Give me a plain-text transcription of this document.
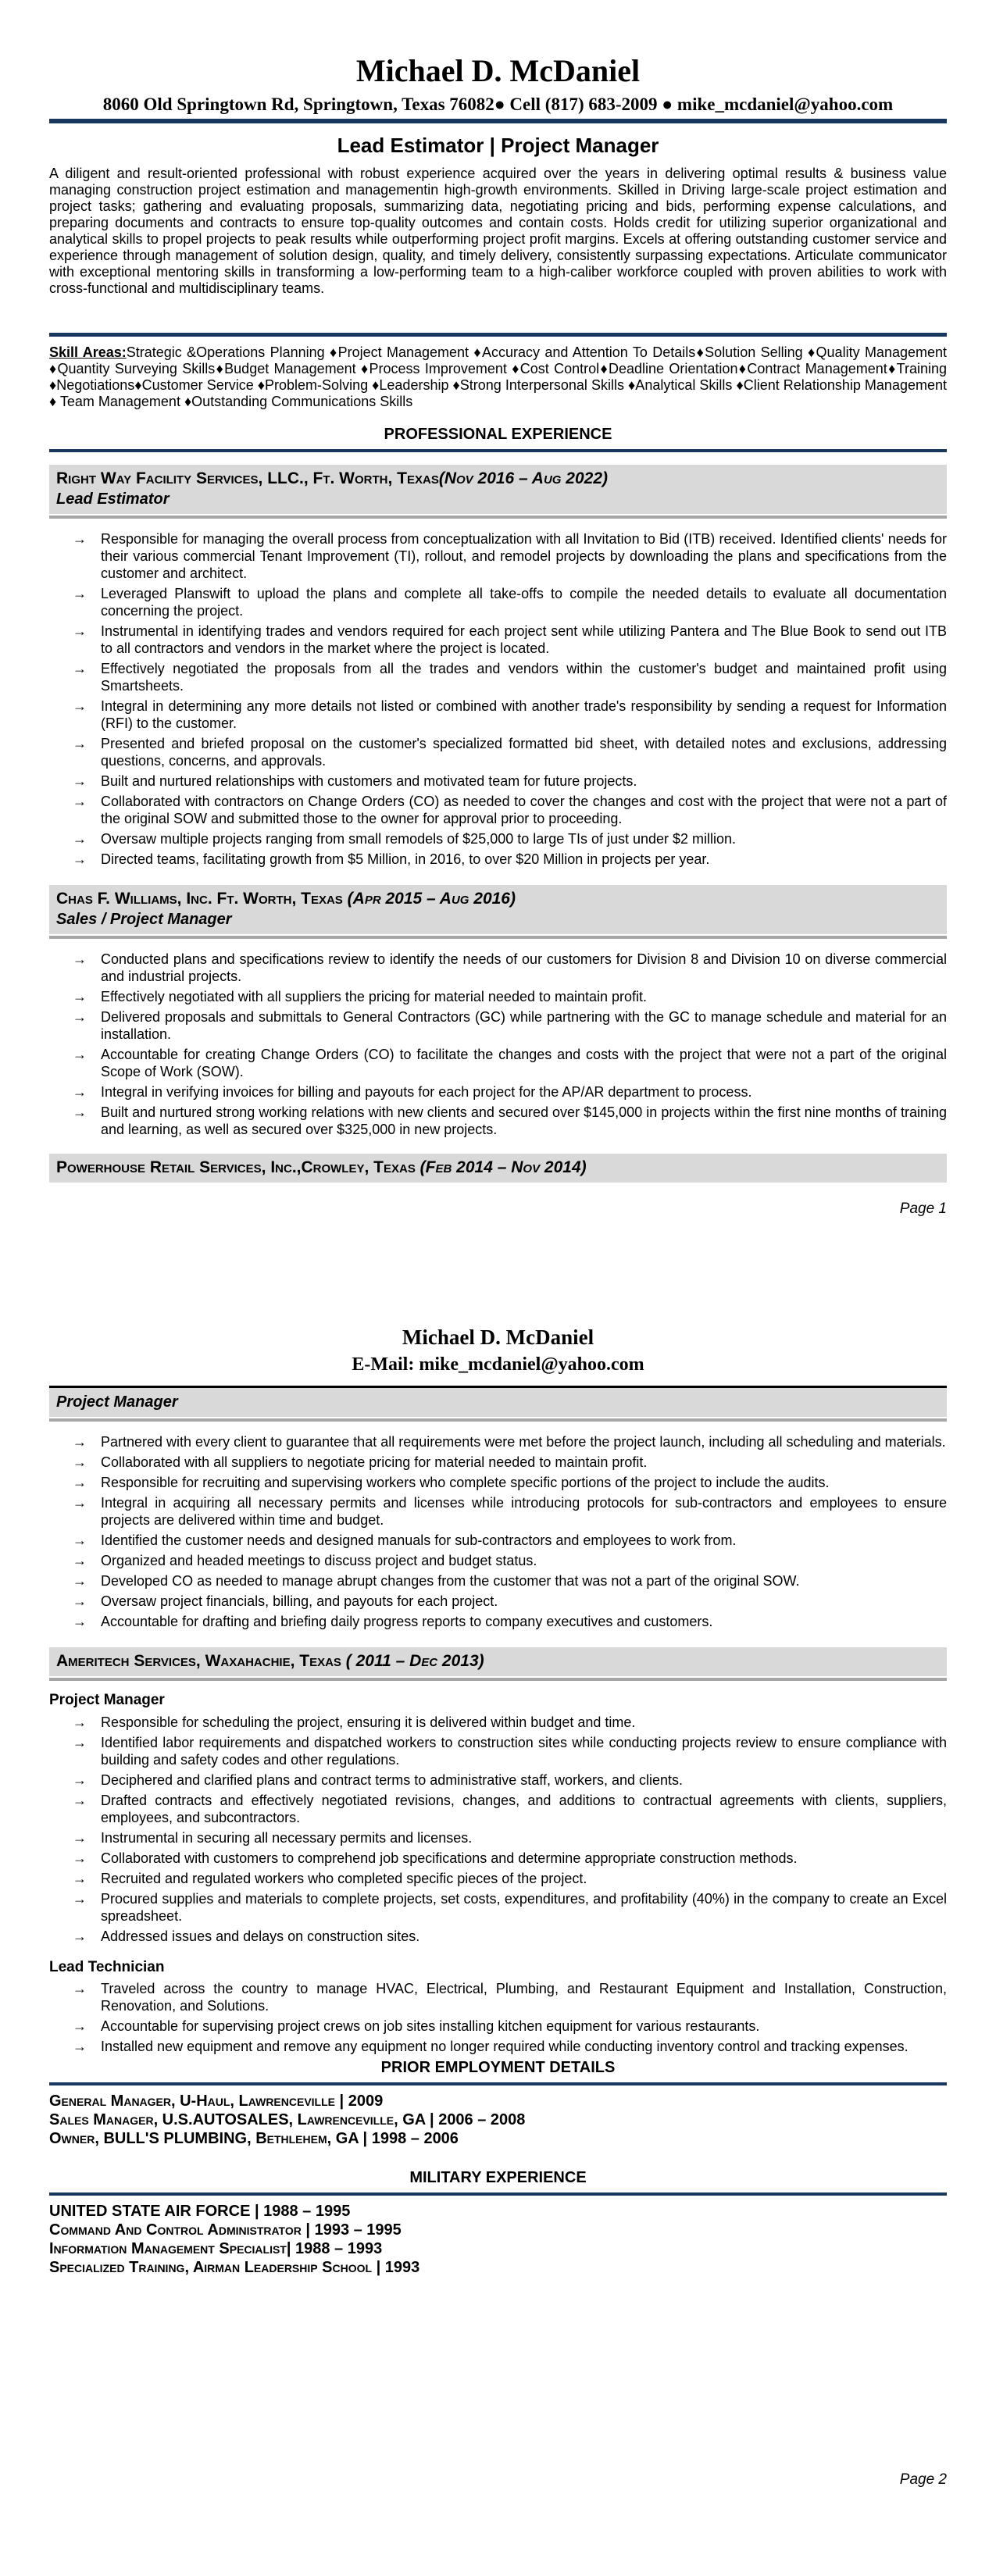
Michael D. McDaniel
8060 Old Springtown Rd, Springtown, Texas 76082● Cell (817) 683-2009 ● mike_mcdaniel@yahoo.com
Lead Estimator | Project Manager
A diligent and result-oriented professional with robust experience acquired over the years in delivering optimal results & business value managing construction project estimation and managementin high-growth environments. Skilled in Driving large-scale project estimation and project tasks; gathering and evaluating proposals, summarizing data, negotiating pricing and bids, performing expense calculations, and preparing documents and contracts to ensure top-quality outcomes and contain costs. Holds credit for utilizing superior organizational and analytical skills to propel projects to peak results while outperforming project profit margins. Excels at offering outstanding customer service and experience through management of solution design, quality, and timely delivery, consistently surpassing expectations. Articulate communicator with exceptional mentoring skills in transforming a low-performing team to a high-caliber workforce coupled with proven abilities to work with cross-functional and multidisciplinary teams.
Skill Areas:Strategic &Operations Planning ♦Project Management ♦Accuracy and Attention To Details♦Solution Selling ♦Quality Management ♦Quantity Surveying Skills♦Budget Management ♦Process Improvement ♦Cost Control♦Deadline Orientation♦Contract Management♦Training ♦Negotiations♦Customer Service ♦Problem-Solving ♦Leadership ♦Strong Interpersonal Skills ♦Analytical Skills ♦Client Relationship Management ♦ Team Management ♦Outstanding Communications Skills
PROFESSIONAL EXPERIENCE
Right Way Facility Services, LLC., Ft. Worth, Texas(Nov 2016 – Aug 2022)
Lead Estimator
→	Responsible for managing the overall process from conceptualization with all Invitation to Bid (ITB) received. Identified clients' needs for their various commercial Tenant Improvement (TI), rollout, and remodel projects by downloading the plans and specifications from the customer and architect.
→	Leveraged Planswift to upload the plans and complete all take-offs to compile the needed details to evaluate all documentation concerning the project.
→	Instrumental in identifying trades and vendors required for each project sent while utilizing Pantera and The Blue Book to send out ITB to all contractors and vendors in the market where the project is located.
→	Effectively negotiated the proposals from all the trades and vendors within the customer's budget and maintained profit using Smartsheets.
→	Integral in determining any more details not listed or combined with another trade's responsibility by sending a request for Information (RFI) to the customer.
→	Presented and briefed proposal on the customer's specialized formatted bid sheet, with detailed notes and exclusions, addressing questions, concerns, and approvals.
→	Built and nurtured relationships with customers and motivated team for future projects.
→	Collaborated with contractors on Change Orders (CO) as needed to cover the changes and cost with the project that were not a part of the original SOW and submitted those to the owner for approval prior to proceeding.
→	Oversaw multiple projects ranging from small remodels of $25,000 to large TIs of just under $2 million.
→	Directed teams, facilitating growth from $5 Million, in 2016, to over $20 Million in projects per year.
Chas F. Williams, Inc. Ft. Worth, Texas (Apr 2015 – Aug 2016)
Sales / Project Manager
→	Conducted plans and specifications review to identify the needs of our customers for Division 8 and Division 10 on diverse commercial and industrial projects.
→	Effectively negotiated with all suppliers the pricing for material needed to maintain profit.
→	Delivered proposals and submittals to General Contractors (GC) while partnering with the GC to manage schedule and material for an installation.
→	Accountable for creating Change Orders (CO) to facilitate the changes and costs with the project that were not a part of the original Scope of Work (SOW).
→	Integral in verifying invoices for billing and payouts for each project for the AP/AR department to process.
→	Built and nurtured strong working relations with new clients and secured over $145,000 in projects within the first nine months of training and learning, as well as secured over $325,000 in new projects.
Powerhouse Retail Services, Inc.,Crowley, Texas (Feb 2014 – Nov 2014)
Page 1
Michael D. McDaniel
E-Mail: mike_mcdaniel@yahoo.com
Project Manager
→	Partnered with every client to guarantee that all requirements were met before the project launch, including all scheduling and materials.
→	Collaborated with all suppliers to negotiate pricing for material needed to maintain profit.
→	Responsible for recruiting and supervising workers who complete specific portions of the project to include the audits.
→	Integral in acquiring all necessary permits and licenses while introducing protocols for sub-contractors and employees to ensure projects are delivered within time and budget.
→	Identified the customer needs and designed manuals for sub-contractors and employees to work from.
→	Organized and headed meetings to discuss project and budget status.
→	Developed CO as needed to manage abrupt changes from the customer that was not a part of the original SOW.
→	Oversaw project financials, billing, and payouts for each project.
→	Accountable for drafting and briefing daily progress reports to company executives and customers.
Ameritech Services, Waxahachie, Texas ( 2011 – Dec 2013)
Project Manager
→	Responsible for scheduling the project, ensuring it is delivered within budget and time.
→	Identified labor requirements and dispatched workers to construction sites while conducting projects review to ensure compliance with building and safety codes and other regulations.
→	Deciphered and clarified plans and contract terms to administrative staff, workers, and clients.
→	Drafted contracts and effectively negotiated revisions, changes, and additions to contractual agreements with clients, suppliers, employees, and subcontractors.
→	Instrumental in securing all necessary permits and licenses.
→	Collaborated with customers to comprehend job specifications and determine appropriate construction methods.
→	Recruited and regulated workers who completed specific pieces of the project.
→	Procured supplies and materials to complete projects, set costs, expenditures, and profitability (40%) in the company to create an Excel spreadsheet.
→	Addressed issues and delays on construction sites.
Lead Technician
→	Traveled across the country to manage HVAC, Electrical, Plumbing, and Restaurant Equipment and Installation, Construction, Renovation, and Solutions.
→	Accountable for supervising project crews on job sites installing kitchen equipment for various restaurants.
→	Installed new equipment and remove any equipment no longer required while conducting inventory control and tracking expenses.
PRIOR EMPLOYMENT DETAILS
General Manager, U-Haul, Lawrenceville | 2009
Sales Manager, U.S.AUTOSALES, Lawrenceville, GA | 2006 – 2008
Owner, BULL'S PLUMBING, Bethlehem, GA | 1998 – 2006
MILITARY EXPERIENCE
UNITED STATE AIR FORCE | 1988 – 1995
Command And Control Administrator | 1993 – 1995
Information Management Specialist| 1988 – 1993
Specialized Training, Airman Leadership School | 1993
Page 2
